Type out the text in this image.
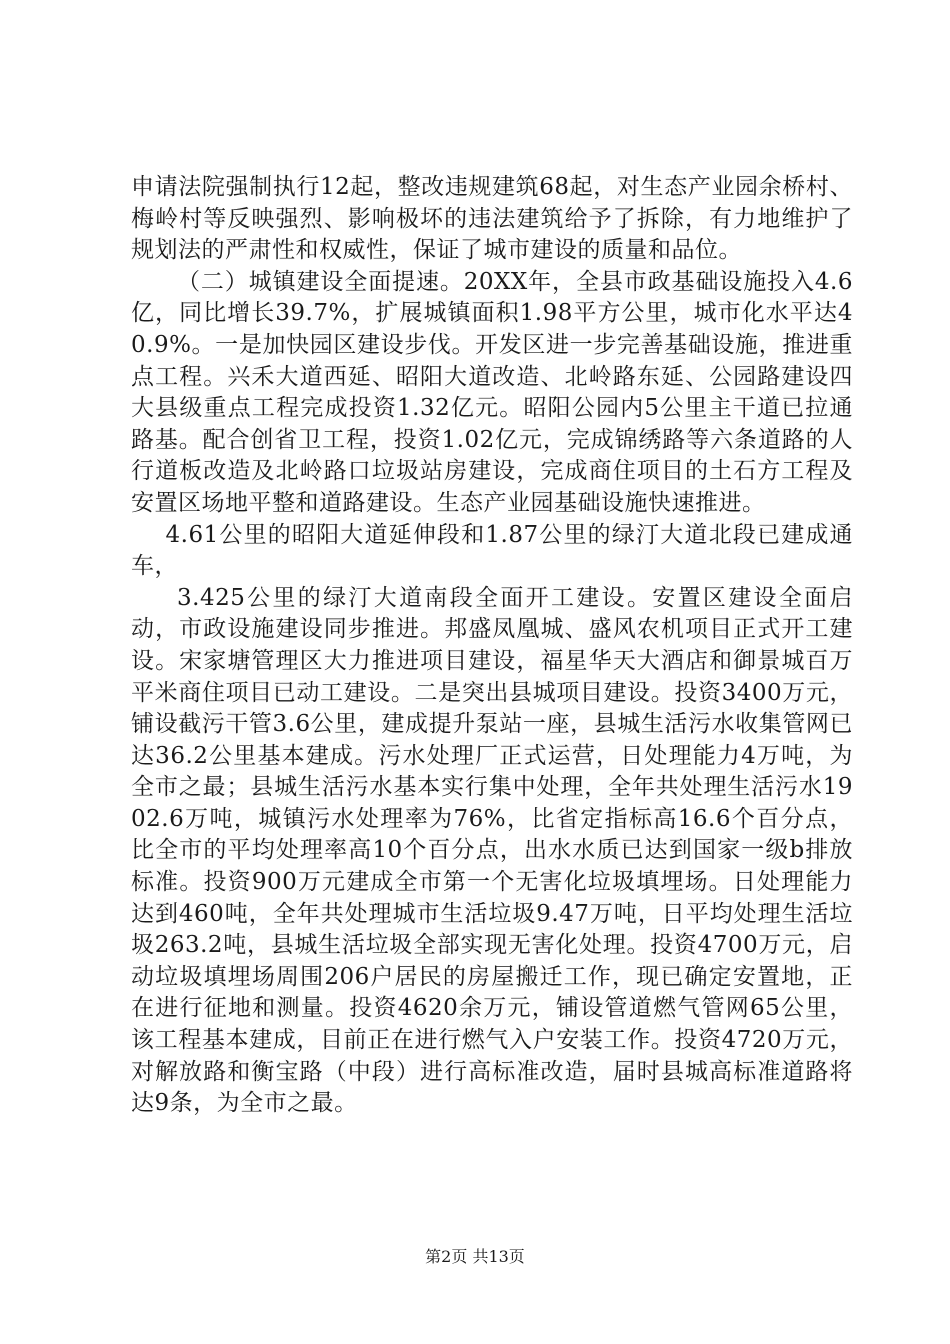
申请法院强制执行12起，整改违规建筑68起，对生态产业园余桥村、梅岭村等反映强烈、影响极坏的违法建筑给予了拆除，有力地维护了规划法的严肃性和权威性，保证了城市建设的质量和品位。

（二）城镇建设全面提速。20XX年，全县市政基础设施投入4.6亿，同比增长39.7%，扩展城镇面积1.98平方公里，城市化水平达40.9%。一是加快园区建设步伐。开发区进一步完善基础设施，推进重点工程。兴禾大道西延、昭阳大道改造、北岭路东延、公园路建设四大县级重点工程完成投资1.32亿元。昭阳公园内5公里主干道已拉通路基。配合创省卫工程，投资1.02亿元，完成锦绣路等六条道路的人行道板改造及北岭路口垃圾站房建设，完成商住项目的土石方工程及安置区场地平整和道路建设。生态产业园基础设施快速推进。

4.61公里的昭阳大道延伸段和1.87公里的绿汀大道北段已建成通车，

3.425公里的绿汀大道南段全面开工建设。安置区建设全面启动，市政设施建设同步推进。邦盛凤凰城、盛风农机项目正式开工建设。宋家塘管理区大力推进项目建设，福星华天大酒店和御景城百万平米商住项目已动工建设。二是突出县城项目建设。投资3400万元，铺设截污干管3.6公里，建成提升泵站一座，县城生活污水收集管网已达36.2公里基本建成。污水处理厂正式运营，日处理能力4万吨，为全市之最；县城生活污水基本实行集中处理，全年共处理生活污水1902.6万吨，城镇污水处理率为76%，比省定指标高16.6个百分点，比全市的平均处理率高10个百分点，出水水质已达到国家一级b排放标准。投资900万元建成全市第一个无害化垃圾填埋场。日处理能力达到460吨，全年共处理城市生活垃圾9.47万吨，日平均处理生活垃圾263.2吨，县城生活垃圾全部实现无害化处理。投资4700万元，启动垃圾填埋场周围206户居民的房屋搬迁工作，现已确定安置地，正在进行征地和测量。投资4620余万元，铺设管道燃气管网65公里，该工程基本建成，目前正在进行燃气入户安装工作。投资4720万元，对解放路和衡宝路（中段）进行高标准改造，届时县城高标准道路将达9条，为全市之最。

第2页 共13页
